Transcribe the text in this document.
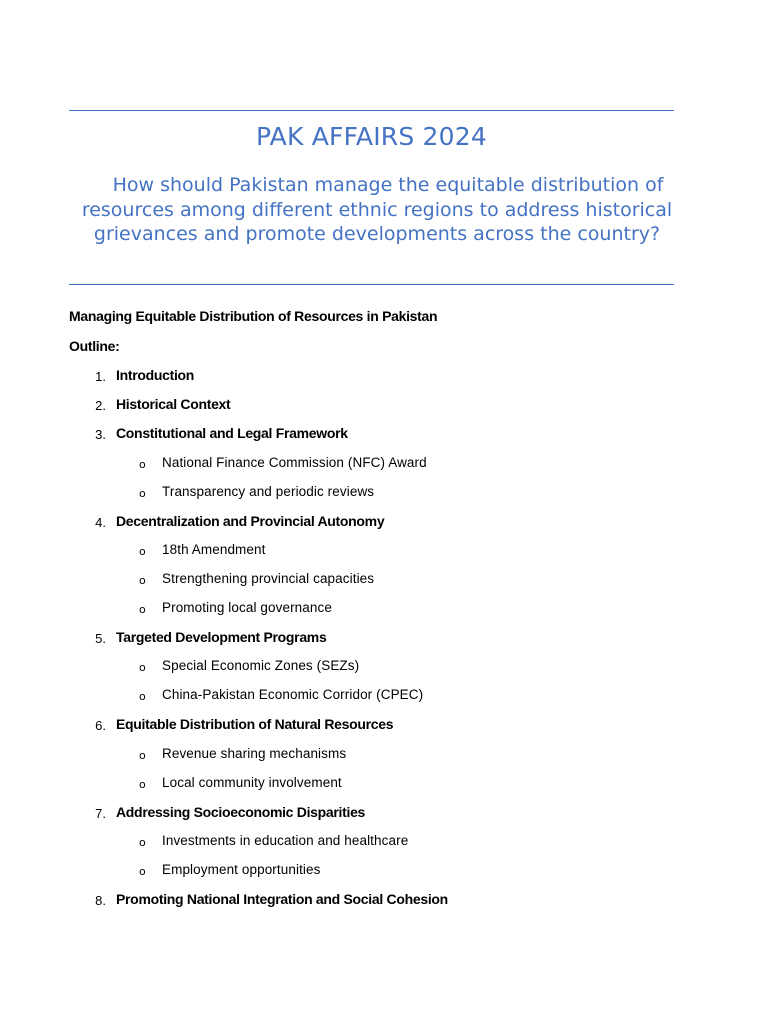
PAK AFFAIRS 2024
How should Pakistan manage the equitable distribution of resources among different ethnic regions to address historical grievances and promote developments across the country?
Managing Equitable Distribution of Resources in Pakistan
Outline:
1. Introduction
2. Historical Context
3. Constitutional and Legal Framework
o National Finance Commission (NFC) Award
o Transparency and periodic reviews
4. Decentralization and Provincial Autonomy
o 18th Amendment
o Strengthening provincial capacities
o Promoting local governance
5. Targeted Development Programs
o Special Economic Zones (SEZs)
o China-Pakistan Economic Corridor (CPEC)
6. Equitable Distribution of Natural Resources
o Revenue sharing mechanisms
o Local community involvement
7. Addressing Socioeconomic Disparities
o Investments in education and healthcare
o Employment opportunities
8. Promoting National Integration and Social Cohesion
